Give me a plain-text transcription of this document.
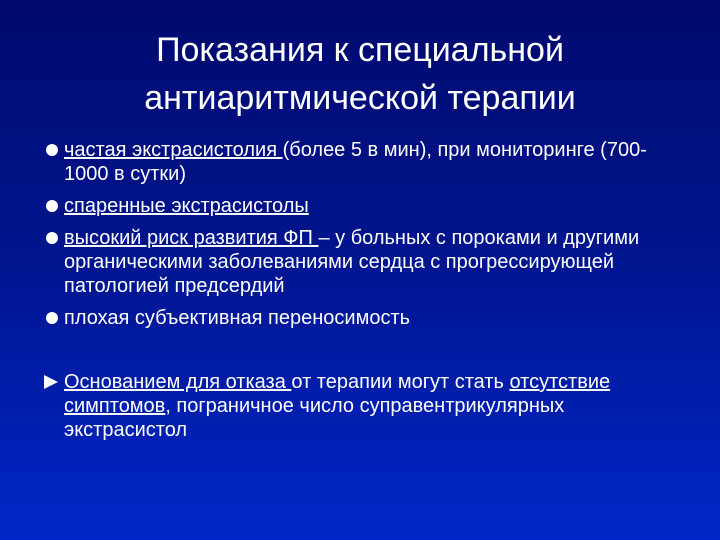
Показания к специальной
антиаритмической терапии
частая экстрасистолия (более 5 в мин), при мониторинге (700-1000 в сутки)
спаренные экстрасистолы
высокий риск развития ФП – у больных с пороками и другими органическими заболеваниями сердца с прогрессирующей патологией предсердий
плохая субъективная переносимость
Основанием для отказа от терапии могут стать отсутствие симптомов, пограничное число суправентрикулярных экстрасистол
